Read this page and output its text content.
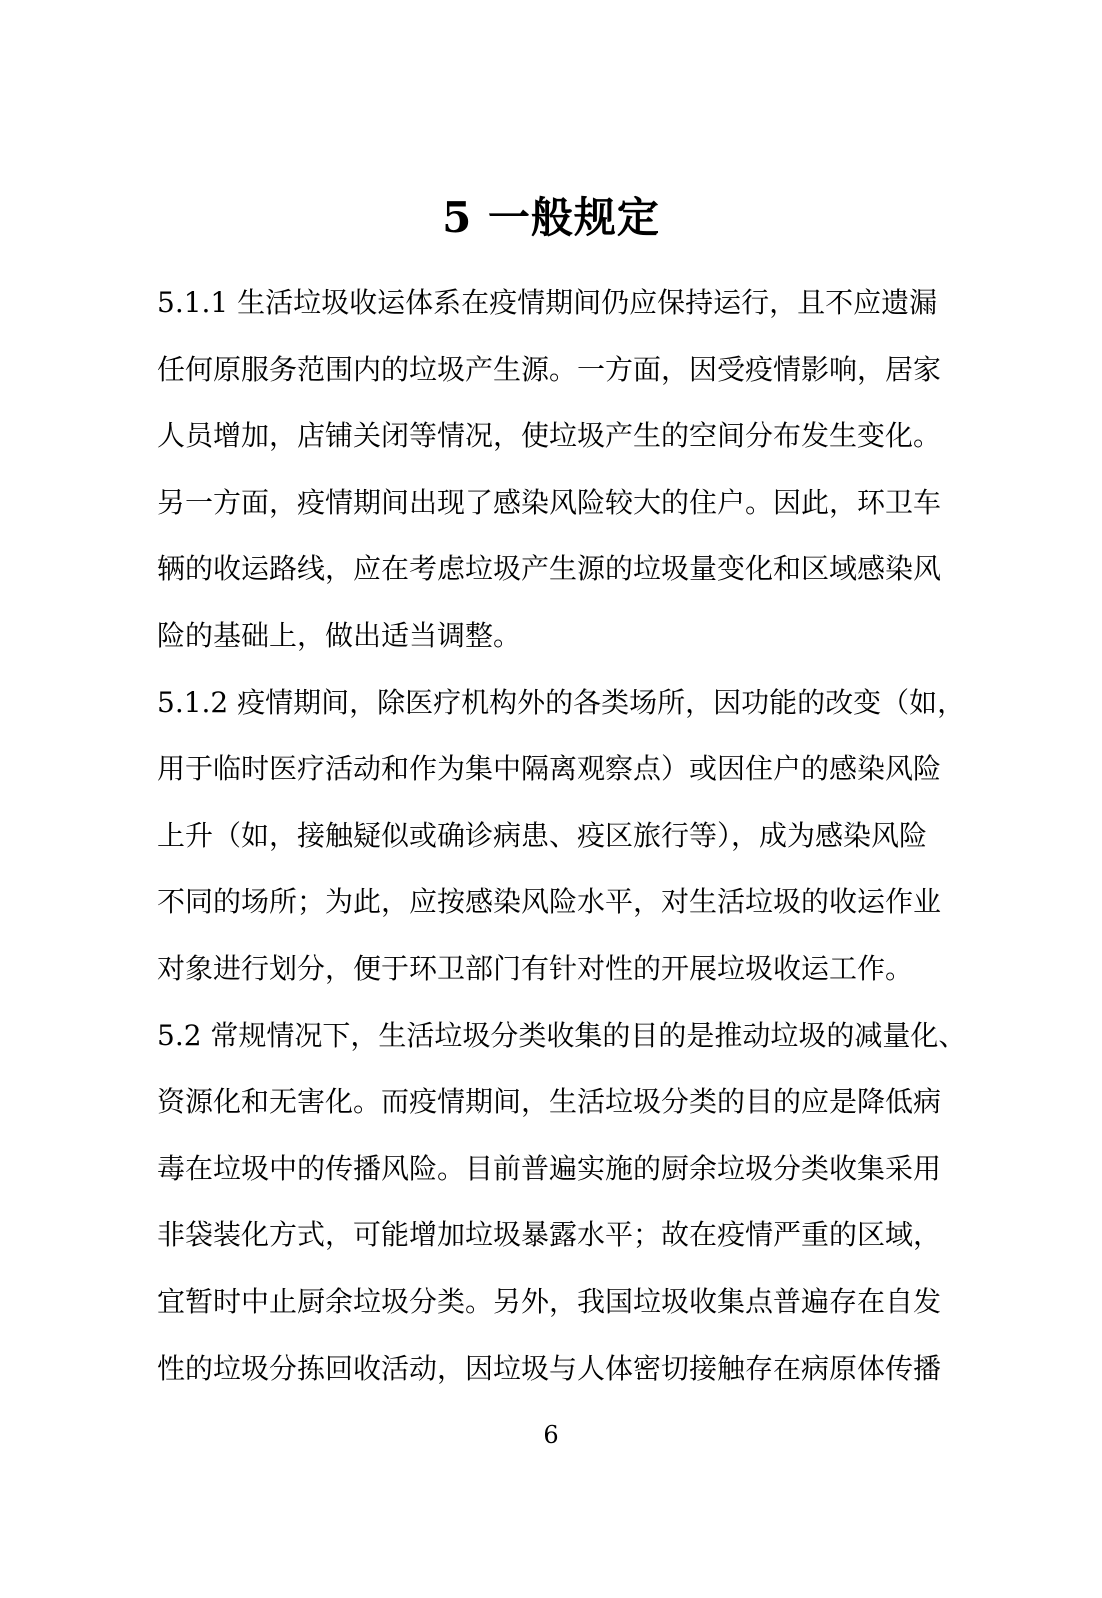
5 一般规定
5.1.1 生活垃圾收运体系在疫情期间仍应保持运行，且不应遗漏
任何原服务范围内的垃圾产生源。一方面，因受疫情影响，居家
人员增加，店铺关闭等情况，使垃圾产生的空间分布发生变化。
另一方面，疫情期间出现了感染风险较大的住户。因此，环卫车
辆的收运路线，应在考虑垃圾产生源的垃圾量变化和区域感染风
险的基础上，做出适当调整。
5.1.2 疫情期间，除医疗机构外的各类场所，因功能的改变（如，
用于临时医疗活动和作为集中隔离观察点）或因住户的感染风险
上升（如，接触疑似或确诊病患、疫区旅行等），成为感染风险
不同的场所；为此，应按感染风险水平，对生活垃圾的收运作业
对象进行划分，便于环卫部门有针对性的开展垃圾收运工作。
5.2 常规情况下，生活垃圾分类收集的目的是推动垃圾的减量化、
资源化和无害化。而疫情期间，生活垃圾分类的目的应是降低病
毒在垃圾中的传播风险。目前普遍实施的厨余垃圾分类收集采用
非袋装化方式，可能增加垃圾暴露水平；故在疫情严重的区域，
宜暂时中止厨余垃圾分类。另外，我国垃圾收集点普遍存在自发
性的垃圾分拣回收活动，因垃圾与人体密切接触存在病原体传播
6
